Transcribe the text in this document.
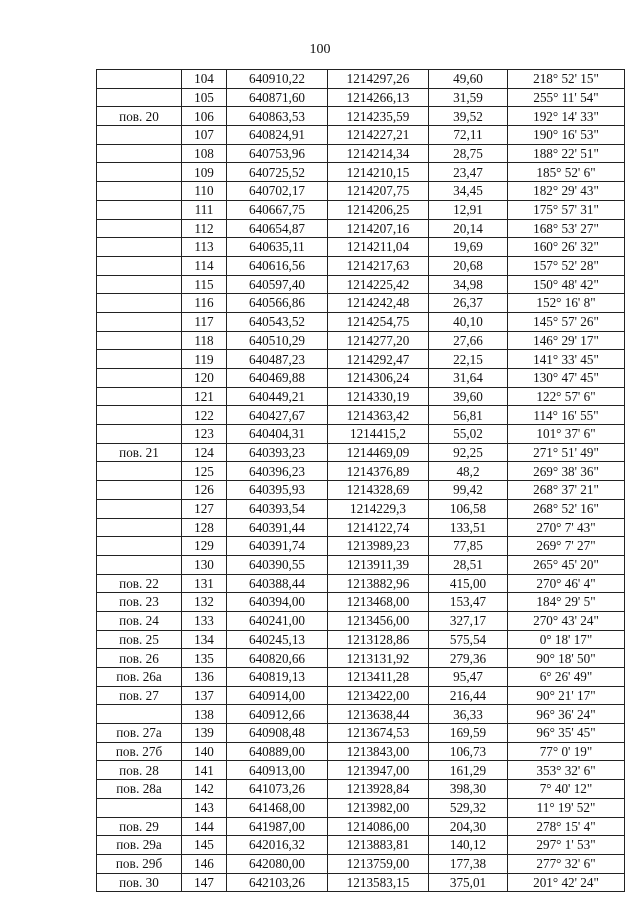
100
	104	640910,22	1214297,26	49,60	218° 52' 15"
	105	640871,60	1214266,13	31,59	255° 11' 54"
пов. 20	106	640863,53	1214235,59	39,52	192° 14' 33"
	107	640824,91	1214227,21	72,11	190° 16' 53"
	108	640753,96	1214214,34	28,75	188° 22' 51"
	109	640725,52	1214210,15	23,47	185° 52' 6"
	110	640702,17	1214207,75	34,45	182° 29' 43"
	111	640667,75	1214206,25	12,91	175° 57' 31"
	112	640654,87	1214207,16	20,14	168° 53' 27"
	113	640635,11	1214211,04	19,69	160° 26' 32"
	114	640616,56	1214217,63	20,68	157° 52' 28"
	115	640597,40	1214225,42	34,98	150° 48' 42"
	116	640566,86	1214242,48	26,37	152° 16' 8"
	117	640543,52	1214254,75	40,10	145° 57' 26"
	118	640510,29	1214277,20	27,66	146° 29' 17"
	119	640487,23	1214292,47	22,15	141° 33' 45"
	120	640469,88	1214306,24	31,64	130° 47' 45"
	121	640449,21	1214330,19	39,60	122° 57' 6"
	122	640427,67	1214363,42	56,81	114° 16' 55"
	123	640404,31	1214415,2	55,02	101° 37' 6"
пов. 21	124	640393,23	1214469,09	92,25	271° 51' 49"
	125	640396,23	1214376,89	48,2	269° 38' 36"
	126	640395,93	1214328,69	99,42	268° 37' 21"
	127	640393,54	1214229,3	106,58	268° 52' 16"
	128	640391,44	1214122,74	133,51	270° 7' 43"
	129	640391,74	1213989,23	77,85	269° 7' 27"
	130	640390,55	1213911,39	28,51	265° 45' 20"
пов. 22	131	640388,44	1213882,96	415,00	270° 46' 4"
пов. 23	132	640394,00	1213468,00	153,47	184° 29' 5"
пов. 24	133	640241,00	1213456,00	327,17	270° 43' 24"
пов. 25	134	640245,13	1213128,86	575,54	0° 18' 17"
пов. 26	135	640820,66	1213131,92	279,36	90° 18' 50"
пов. 26а	136	640819,13	1213411,28	95,47	6° 26' 49"
пов. 27	137	640914,00	1213422,00	216,44	90° 21' 17"
	138	640912,66	1213638,44	36,33	96° 36' 24"
пов. 27а	139	640908,48	1213674,53	169,59	96° 35' 45"
пов. 27б	140	640889,00	1213843,00	106,73	77° 0' 19"
пов. 28	141	640913,00	1213947,00	161,29	353° 32' 6"
пов. 28а	142	641073,26	1213928,84	398,30	7° 40' 12"
	143	641468,00	1213982,00	529,32	11° 19' 52"
пов. 29	144	641987,00	1214086,00	204,30	278° 15' 4"
пов. 29а	145	642016,32	1213883,81	140,12	297° 1' 53"
пов. 29б	146	642080,00	1213759,00	177,38	277° 32' 6"
пов. 30	147	642103,26	1213583,15	375,01	201° 42' 24"
